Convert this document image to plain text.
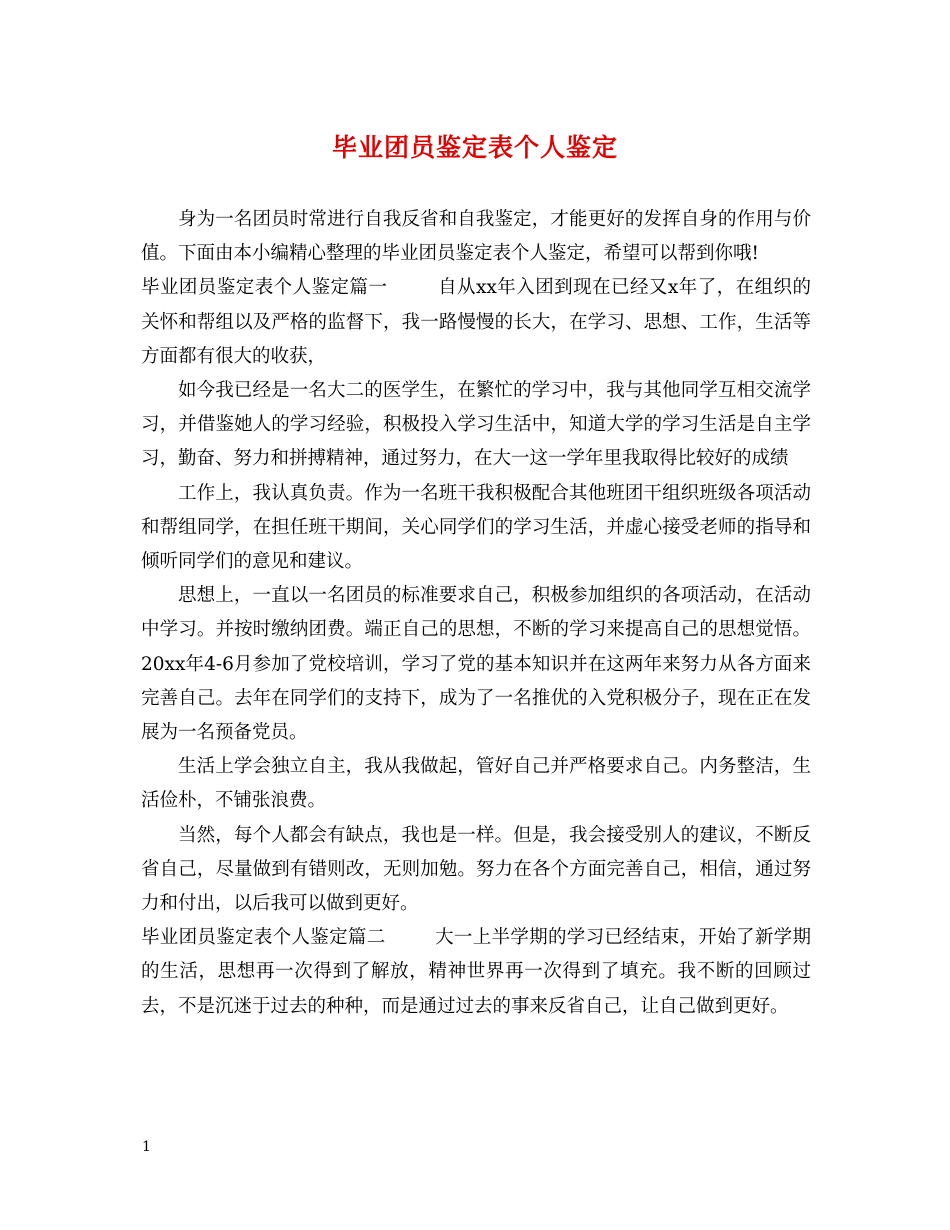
毕业团员鉴定表个人鉴定

身为一名团员时常进行自我反省和自我鉴定，才能更好的发挥自身的作用与价值。下面由本小编精心整理的毕业团员鉴定表个人鉴定，希望可以帮到你哦!

毕业团员鉴定表个人鉴定篇一	自从xx年入团到现在已经又x年了，在组织的关怀和帮组以及严格的监督下，我一路慢慢的长大，在学习、思想、工作，生活等方面都有很大的收获，

如今我已经是一名大二的医学生，在繁忙的学习中，我与其他同学互相交流学习，并借鉴她人的学习经验，积极投入学习生活中，知道大学的学习生活是自主学习，勤奋、努力和拼搏精神，通过努力，在大一这一学年里我取得比较好的成绩

工作上，我认真负责。作为一名班干我积极配合其他班团干组织班级各项活动和帮组同学，在担任班干期间，关心同学们的学习生活，并虚心接受老师的指导和倾听同学们的意见和建议。

思想上，一直以一名团员的标准要求自己，积极参加组织的各项活动，在活动中学习。并按时缴纳团费。端正自己的思想，不断的学习来提高自己的思想觉悟。20xx年4-6月参加了党校培训，学习了党的基本知识并在这两年来努力从各方面来完善自己。去年在同学们的支持下，成为了一名推优的入党积极分子，现在正在发展为一名预备党员。

生活上学会独立自主，我从我做起，管好自己并严格要求自己。内务整洁，生活俭朴，不铺张浪费。

当然，每个人都会有缺点，我也是一样。但是，我会接受别人的建议，不断反省自己，尽量做到有错则改，无则加勉。努力在各个方面完善自己，相信，通过努力和付出，以后我可以做到更好。

毕业团员鉴定表个人鉴定篇二	大一上半学期的学习已经结束，开始了新学期的生活，思想再一次得到了解放，精神世界再一次得到了填充。我不断的回顾过去，不是沉迷于过去的种种，而是通过过去的事来反省自己，让自己做到更好。

1
